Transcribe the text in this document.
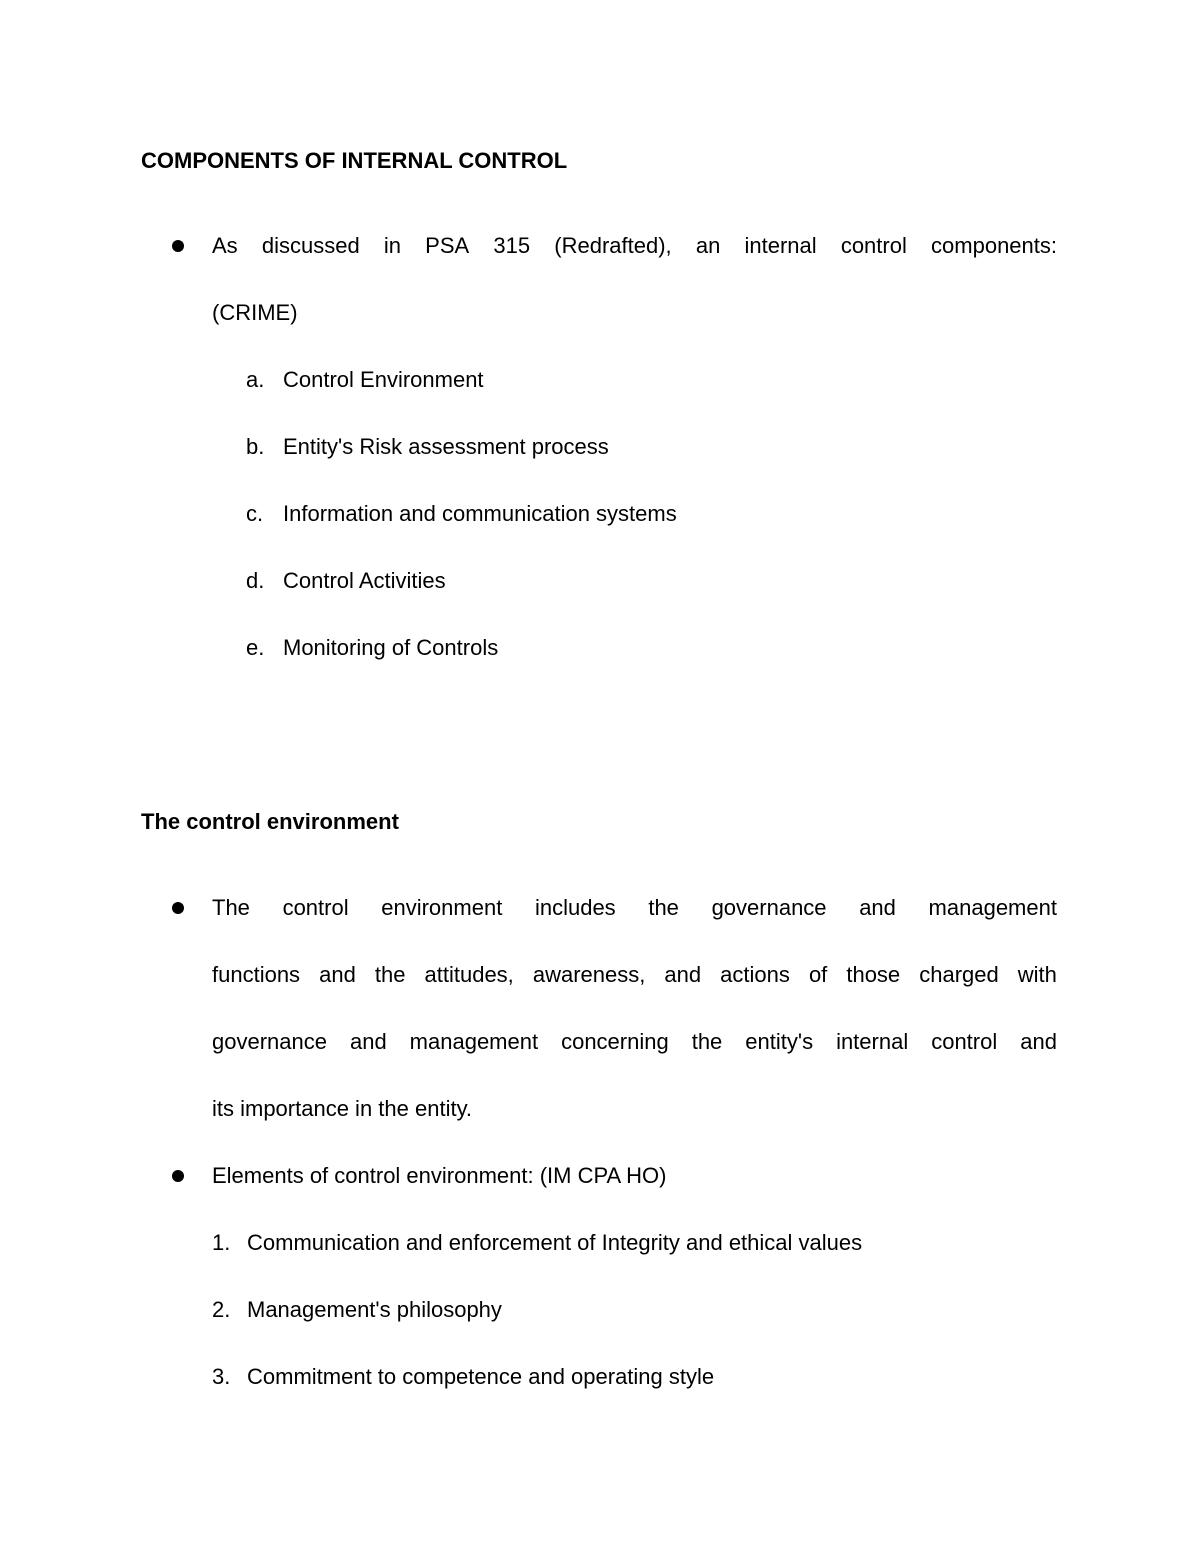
COMPONENTS OF INTERNAL CONTROL
As discussed in PSA 315 (Redrafted), an internal control components:
(CRIME)
a. Control Environment
b. Entity's Risk assessment process
c. Information and communication systems
d. Control Activities
e. Monitoring of Controls
The control environment
The control environment includes the governance and management
functions and the attitudes, awareness, and actions of those charged with
governance and management concerning the entity's internal control and
its importance in the entity.
Elements of control environment: (IM CPA HO)
1. Communication and enforcement of Integrity and ethical values
2. Management's philosophy
3. Commitment to competence and operating style
